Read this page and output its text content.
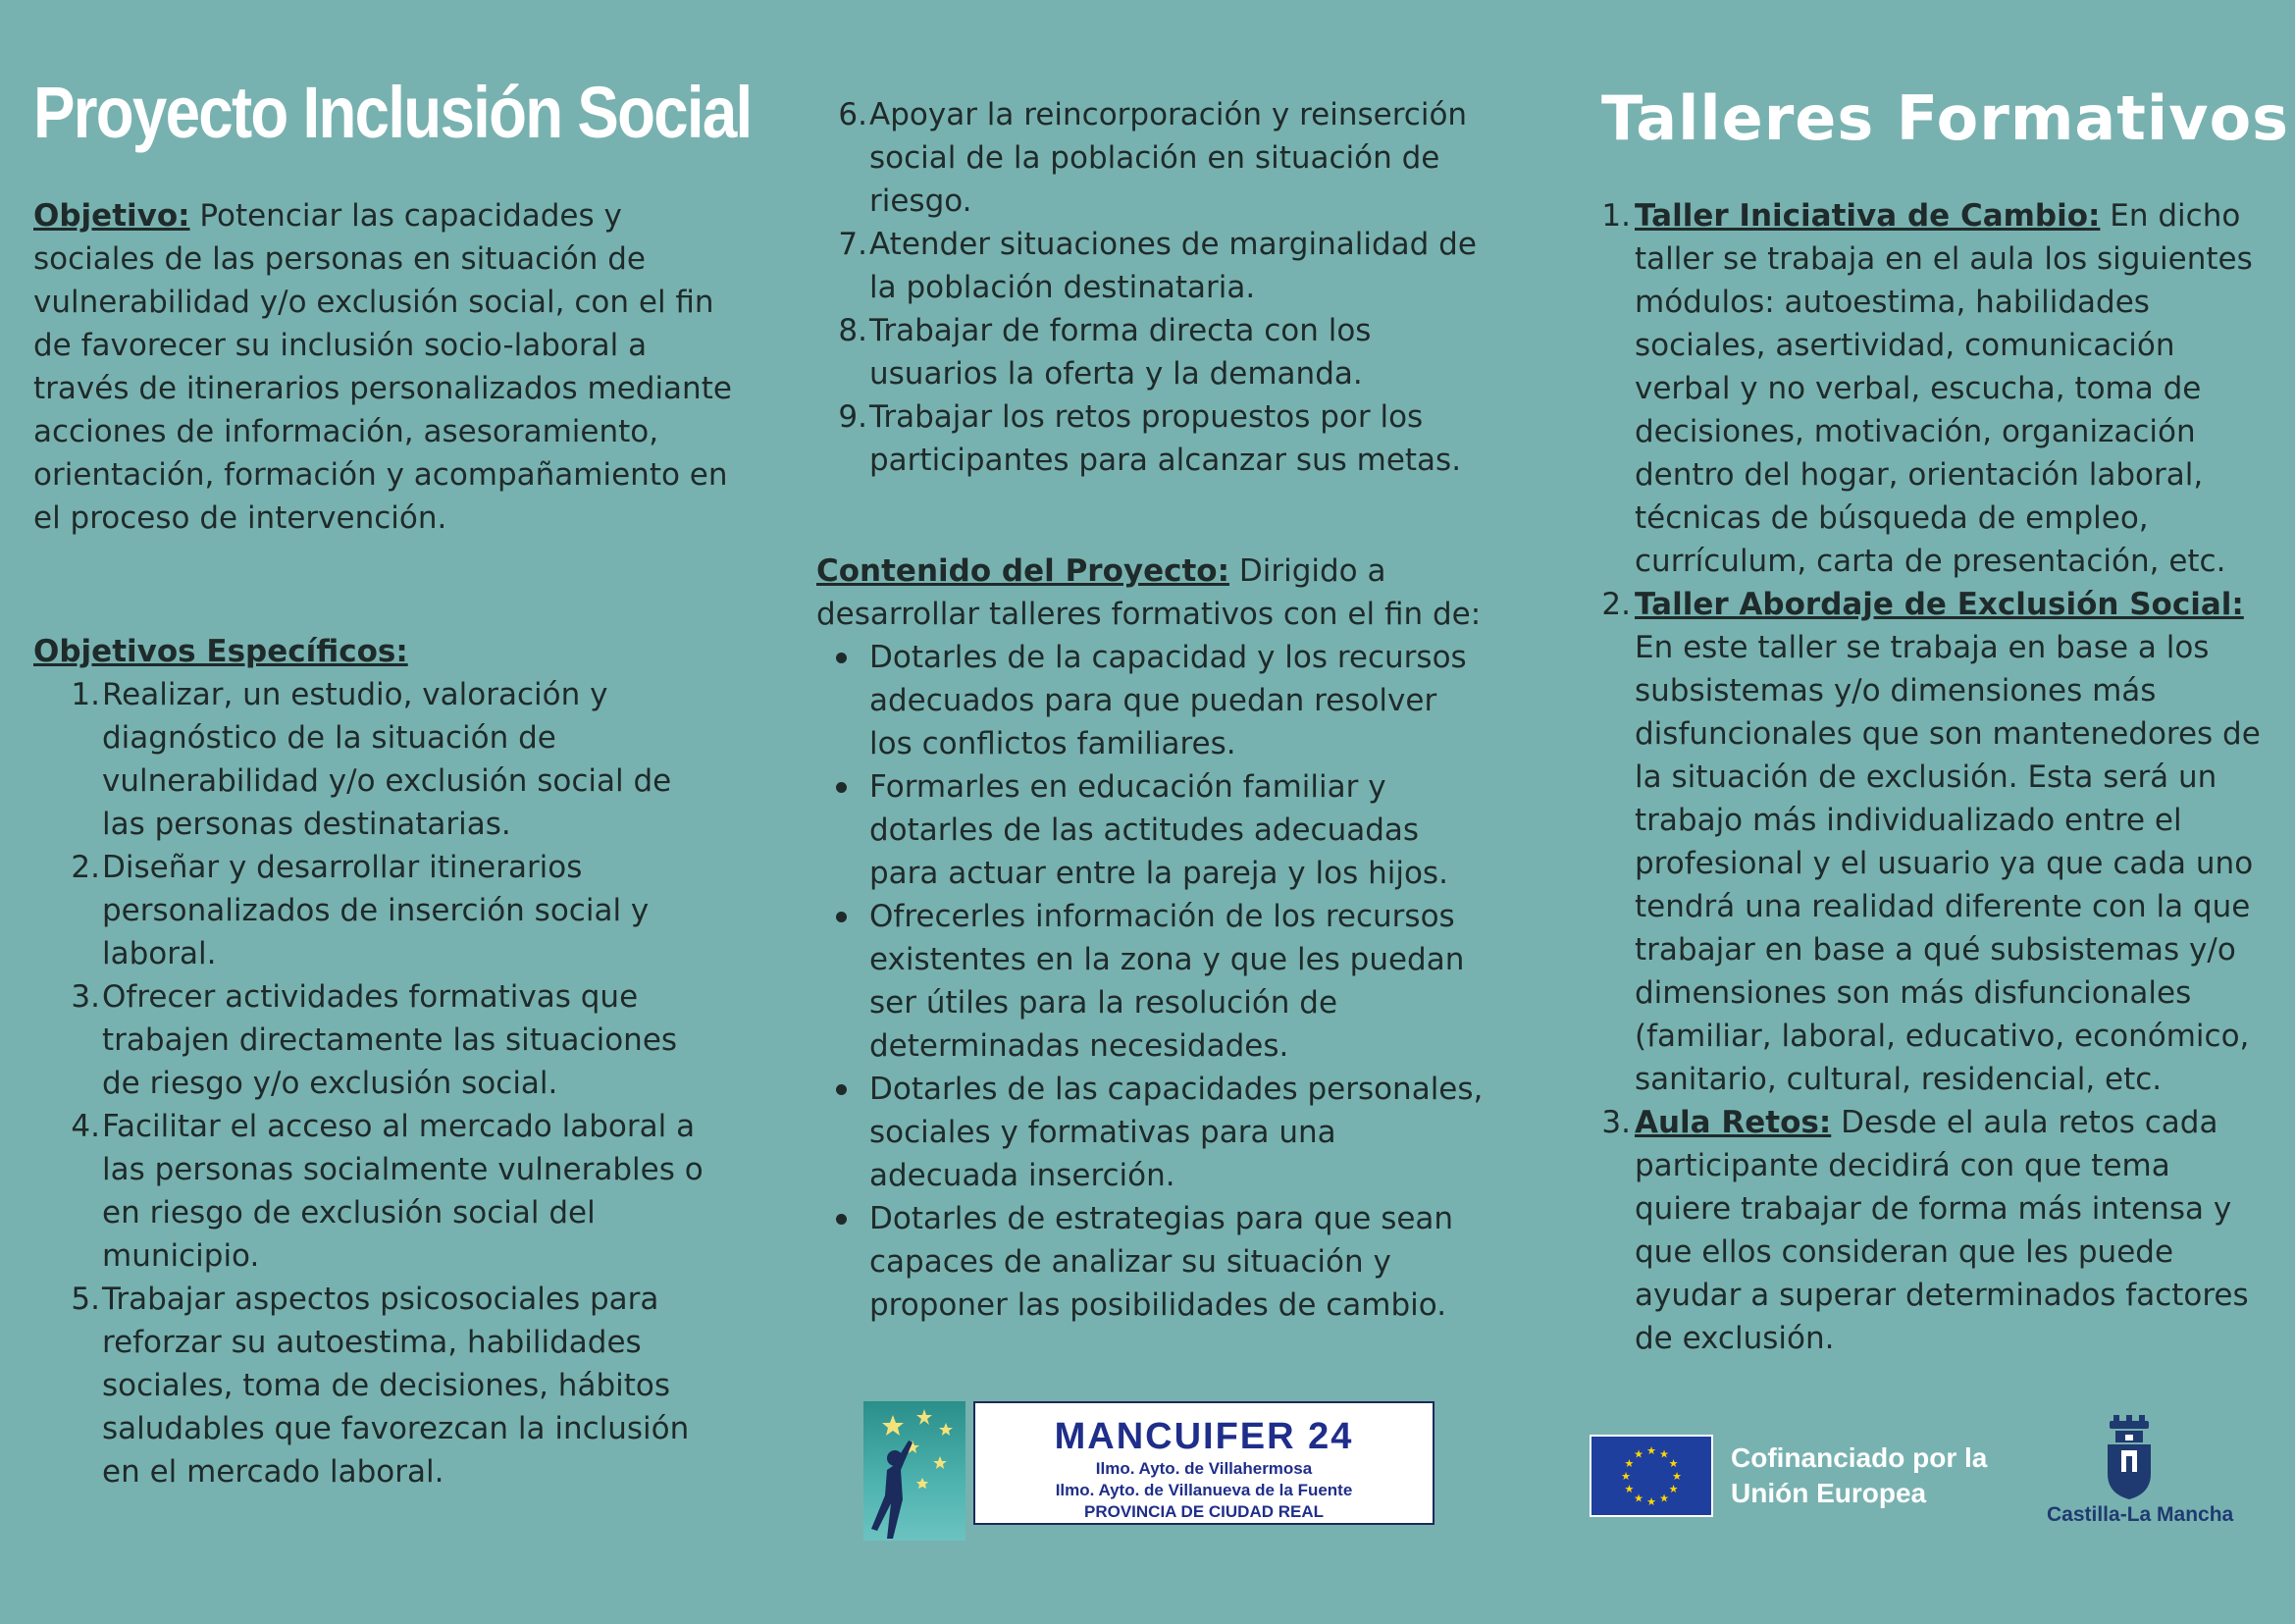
Proyecto Inclusión Social	Talleres Formativos

Objetivo: Potenciar las capacidades y sociales de las personas en situación de vulnerabilidad y/o exclusión social, con el fin de favorecer su inclusión socio-laboral a través de itinerarios personalizados mediante acciones de información, asesoramiento, orientación, formación y acompañamiento en el proceso de intervención.

Objetivos Específicos:

1. Realizar, un estudio, valoración y diagnóstico de la situación de vulnerabilidad y/o exclusión social de las personas destinatarias.
2. Diseñar y desarrollar itinerarios personalizados de inserción social y laboral.
3. Ofrecer actividades formativas que trabajen directamente las situaciones de riesgo y/o exclusión social.
4. Facilitar el acceso al mercado laboral a las personas socialmente vulnerables o en riesgo de exclusión social del municipio.
5. Trabajar aspectos psicosociales para reforzar su autoestima, habilidades sociales, toma de decisiones, hábitos saludables que favorezcan la inclusión en el mercado laboral.
6. Apoyar la reincorporación y reinserción social de la población en situación de riesgo.
7. Atender situaciones de marginalidad de la población destinataria.
8. Trabajar de forma directa con los usuarios la oferta y la demanda.
9. Trabajar los retos propuestos por los participantes para alcanzar sus metas.

Contenido del Proyecto: Dirigido a desarrollar talleres formativos con el fin de:

Dotarles de la capacidad y los recursos adecuados para que puedan resolver los conflictos familiares.
Formarles en educación familiar y dotarles de las actitudes adecuadas para actuar entre la pareja y los hijos.
Ofrecerles información de los recursos existentes en la zona y que les puedan ser útiles para la resolución de determinadas necesidades.
Dotarles de las capacidades personales, sociales y formativas para una adecuada inserción.
Dotarles de estrategias para que sean capaces de analizar su situación y proponer las posibilidades de cambio.
1. Taller Iniciativa de Cambio: En dicho taller se trabaja en el aula los siguientes módulos: autoestima, habilidades sociales, asertividad, comunicación verbal y no verbal, escucha, toma de decisiones, motivación, organización dentro del hogar, orientación laboral, técnicas de búsqueda de empleo, currículum, carta de presentación, etc.
2. Taller Abordaje de Exclusión Social: En este taller se trabaja en base a los subsistemas y/o dimensiones más disfuncionales que son mantenedores de la situación de exclusión. Esta será un trabajo más individualizado entre el profesional y el usuario ya que cada uno tendrá una realidad diferente con la que trabajar en base a qué subsistemas y/o dimensiones son más disfuncionales (familiar, laboral, educativo, económico, sanitario, cultural, residencial, etc.
3. Aula Retos: Desde el aula retos cada participante decidirá con que tema quiere trabajar de forma más intensa y que ellos consideran que les puede ayudar a superar determinados factores de exclusión.
MANCUIFER 24
Ilmo. Ayto. de Villahermosa
Ilmo. Ayto. de Villanueva de la Fuente
PROVINCIA DE CIUDAD REAL
★ ★
★
★
★
★
★
★
★
★
★
★	Cofinanciado por la
Unión Europea
Castilla-La Mancha
